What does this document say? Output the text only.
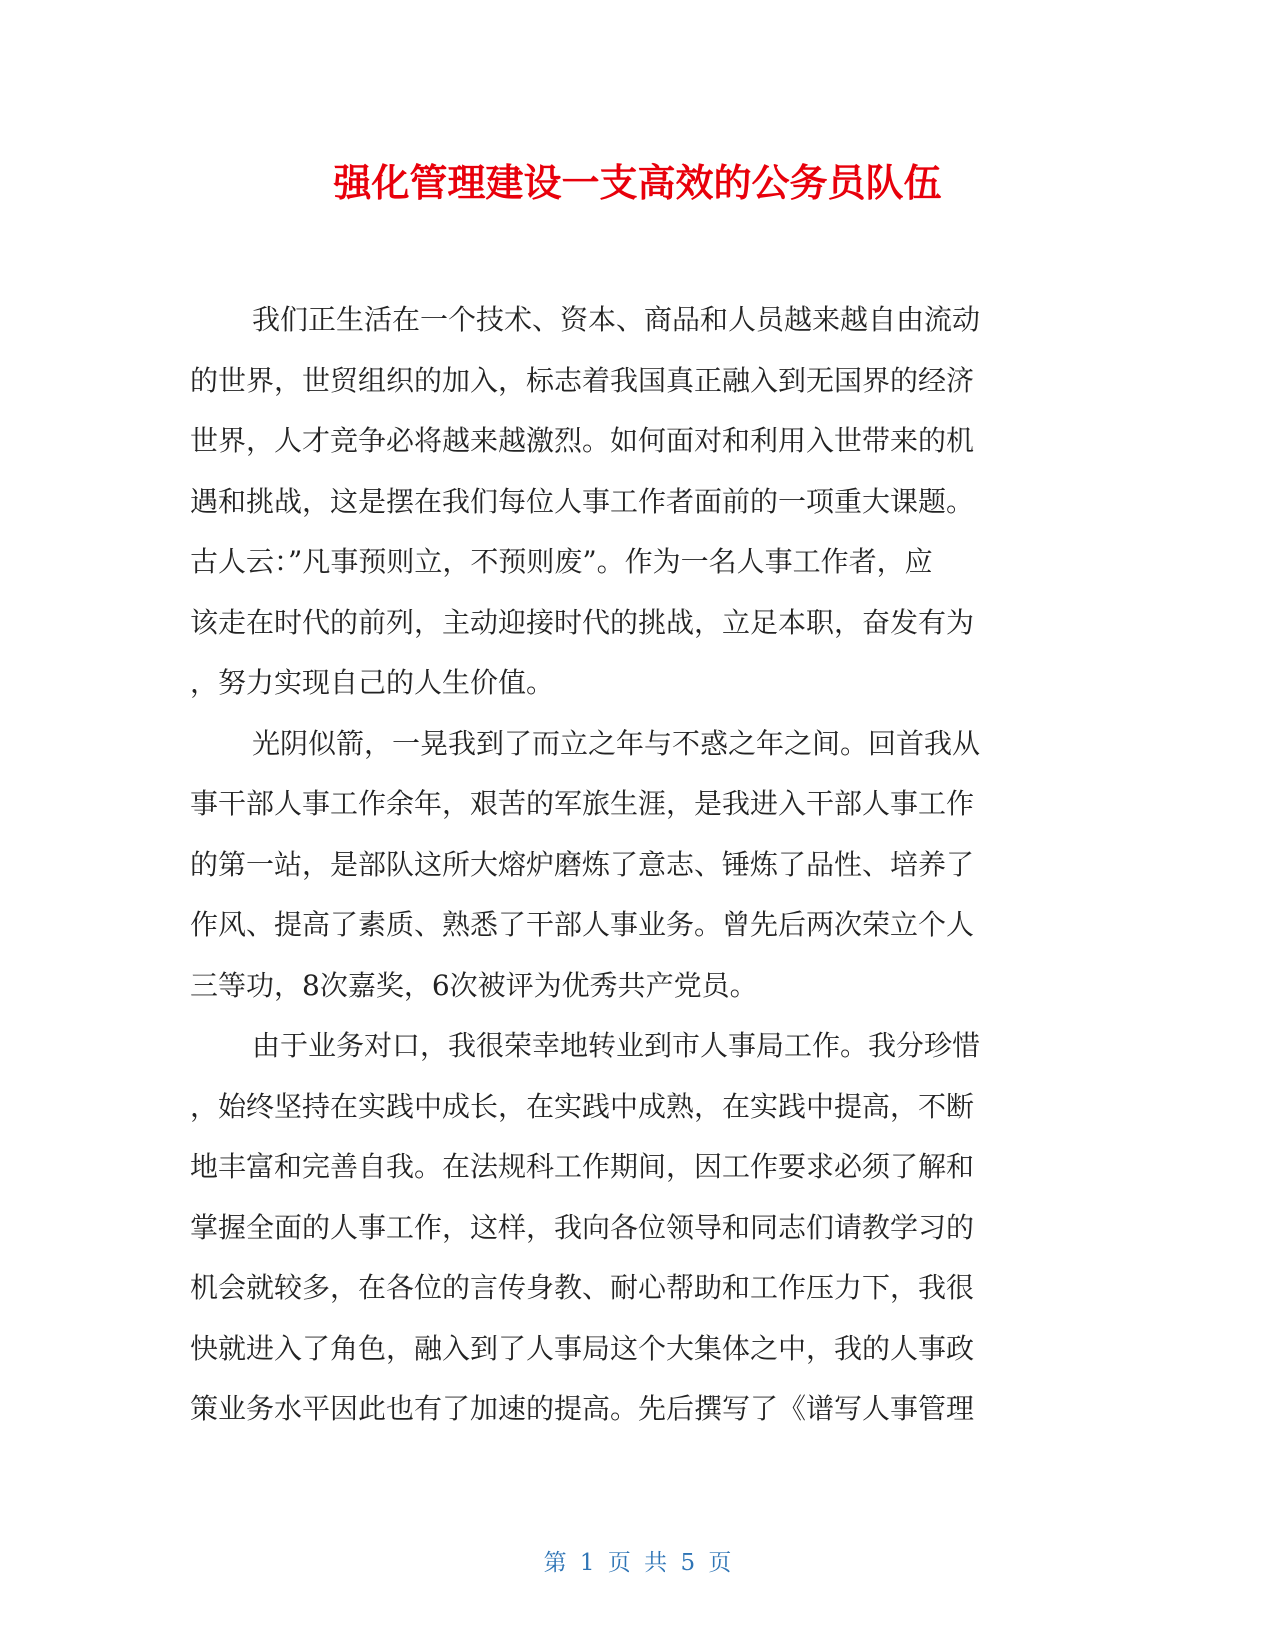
强化管理建设一支高效的公务员队伍
我们正生活在一个技术、资本、商品和人员越来越自由流动
的世界，世贸组织的加入，标志着我国真正融入到无国界的经济
世界，人才竞争必将越来越激烈。如何面对和利用入世带来的机
遇和挑战，这是摆在我们每位人事工作者面前的一项重大课题。
古人云：”凡事预则立，不预则废”。作为一名人事工作者，应
该走在时代的前列，主动迎接时代的挑战，立足本职，奋发有为
，努力实现自己的人生价值。
光阴似箭，一晃我到了而立之年与不惑之年之间。回首我从
事干部人事工作余年，艰苦的军旅生涯，是我进入干部人事工作
的第一站，是部队这所大熔炉磨炼了意志、锤炼了品性、培养了
作风、提高了素质、熟悉了干部人事业务。曾先后两次荣立个人
三等功，8次嘉奖，6次被评为优秀共产党员。
由于业务对口，我很荣幸地转业到市人事局工作。我分珍惜
，始终坚持在实践中成长，在实践中成熟，在实践中提高，不断
地丰富和完善自我。在法规科工作期间，因工作要求必须了解和
掌握全面的人事工作，这样，我向各位领导和同志们请教学习的
机会就较多，在各位的言传身教、耐心帮助和工作压力下，我很
快就进入了角色，融入到了人事局这个大集体之中，我的人事政
策业务水平因此也有了加速的提高。先后撰写了《谱写人事管理
第 1 页 共 5 页
